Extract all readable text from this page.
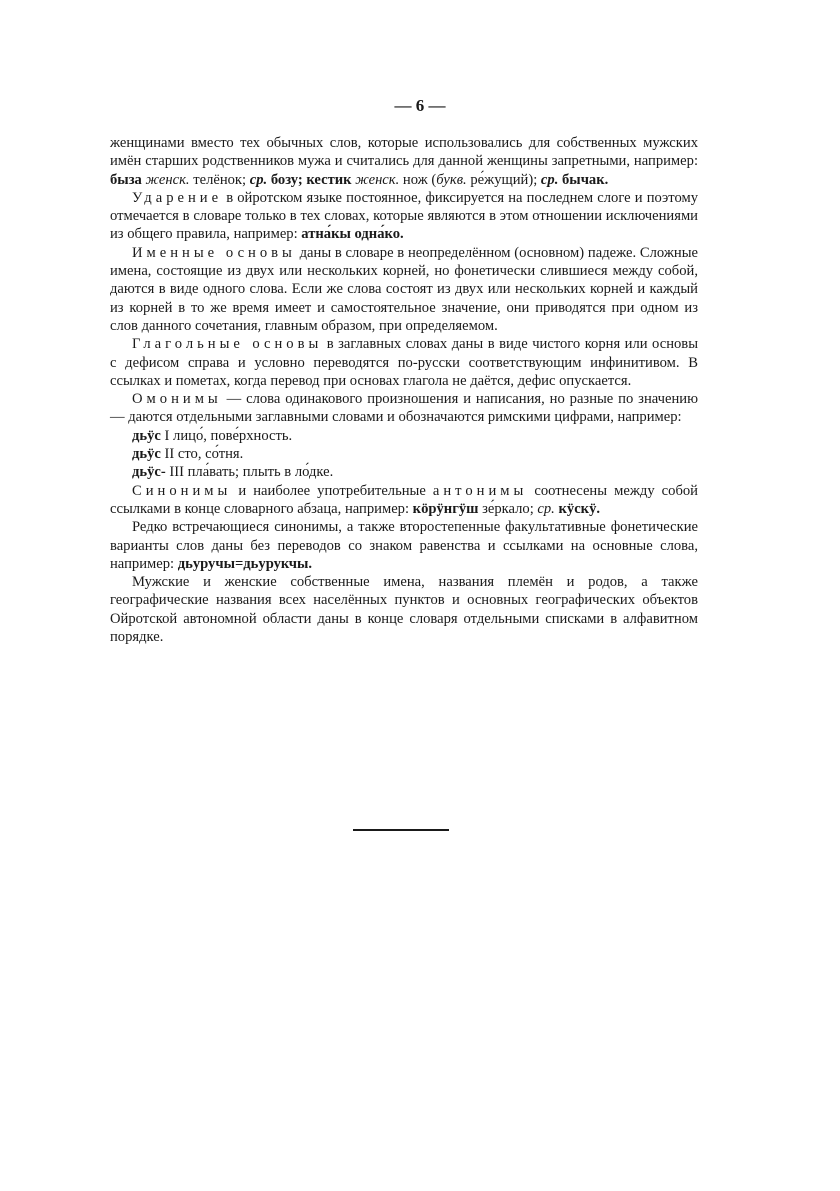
— 6 —

женщинами вместо тех обычных слов, которые использовались для собственных мужских имён старших родственников мужа и считались для данной женщины запретными, например: быза женск. телёнок; ср. бозу; кестик женск. нож (букв. ре́жущий); ср. бычак.

Ударение в ойротском языке постоянное, фиксируется на последнем слоге и поэтому отмечается в словаре только в тех словах, которые являются в этом отношении исключениями из общего правила, например: атна́кы одна́ко.

Именные основы даны в словаре в неопределённом (основном) падеже. Сложные имена, состоящие из двух или нескольких корней, но фонетически слившиеся между собой, даются в виде одного слова. Если же слова состоят из двух или нескольких корней и каждый из корней в то же время имеет и самостоятельное значение, они приводятся при одном из слов данного сочетания, главным образом, при определяемом.

Глагольные основы в заглавных словах даны в виде чистого корня или основы с дефисом справа и условно переводятся по-русски соответствующим инфинитивом. В ссылках и пометах, когда перевод при основах глагола не даётся, дефис опускается.

Омонимы — слова одинакового произношения и написания, но разные по значению — даются отдельными заглавными словами и обозначаются римскими цифрами, например:

дьӱс I лицо́, пове́рхность.

дьӱс II сто, со́тня.

дьӱс- III пла́вать; плыть в ло́дке.

Синонимы и наиболее употребительные антонимы соотнесены между собой ссылками в конце словарного абзаца, например: кӧрӱнгӱш зе́ркало; ср. кӱскӱ.

Редко встречающиеся синонимы, а также второстепенные факультативные фонетические варианты слов даны без переводов со знаком равенства и ссылками на основные слова, например: дьуручы=дьурукчы.

Мужские и женские собственные имена, названия племён и родов, а также географические названия всех населённых пунктов и основных географических объектов Ойротской автономной области даны в конце словаря отдельными списками в алфавитном порядке.
